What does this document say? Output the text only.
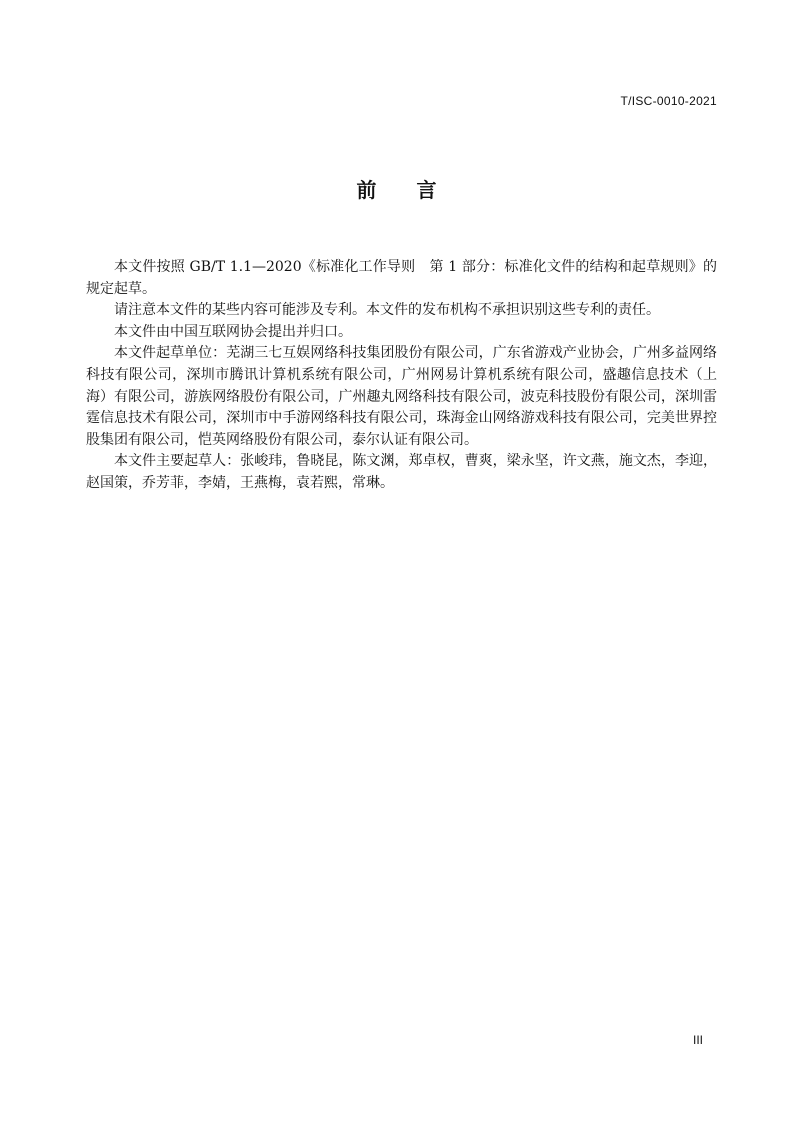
T/ISC-0010-2021
前　　言

本文件按照 GB/T 1.1—2020《标准化工作导则　第 1 部分：标准化文件的结构和起草规则》的规定起草。

请注意本文件的某些内容可能涉及专利。本文件的发布机构不承担识别这些专利的责任。

本文件由中国互联网协会提出并归口。

本文件起草单位：芜湖三七互娱网络科技集团股份有限公司，广东省游戏产业协会，广州多益网络科技有限公司，深圳市腾讯计算机系统有限公司，广州网易计算机系统有限公司，盛趣信息技术（上海）有限公司，游族网络股份有限公司，广州趣丸网络科技有限公司，波克科技股份有限公司，深圳雷霆信息技术有限公司，深圳市中手游网络科技有限公司，珠海金山网络游戏科技有限公司，完美世界控股集团有限公司，恺英网络股份有限公司，泰尔认证有限公司。

本文件主要起草人：张峻玮，鲁晓昆，陈文渊，郑卓权，曹爽，梁永坚，许文燕，施文杰，李迎，赵国策，乔芳菲，李婧，王燕梅，袁若熙，常琳。

III
